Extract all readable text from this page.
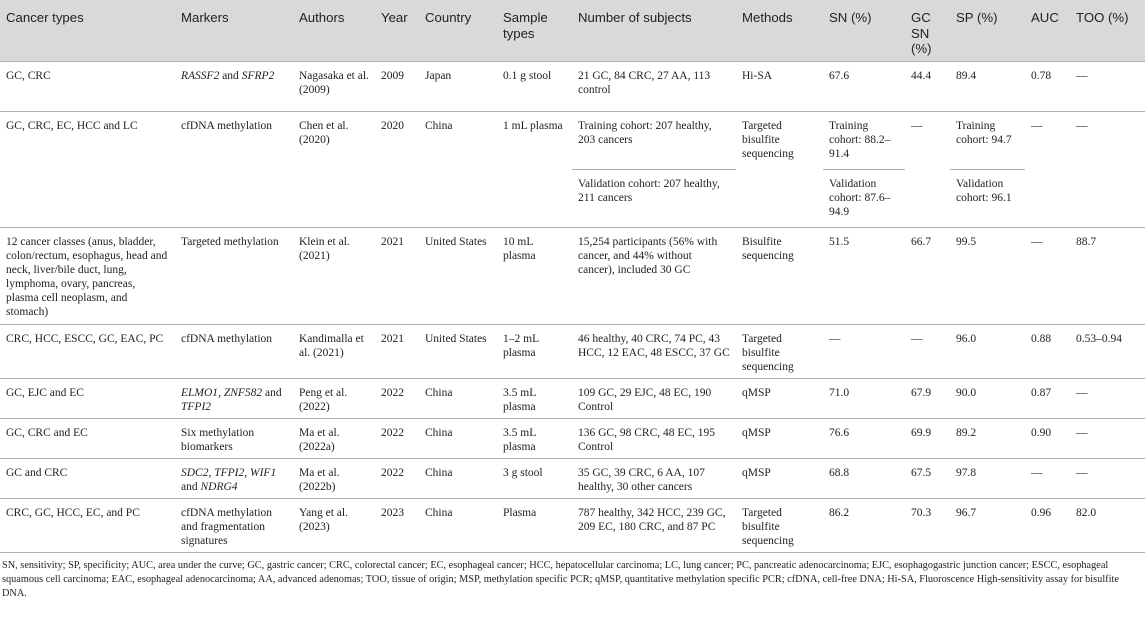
Cancer types	Markers	Authors	Year	Country	Sample types	Number of subjects	Methods	SN (%)	GC SN (%)	SP (%)	AUC	TOO (%)
GC, CRC	RASSF2 and SFRP2	Nagasaka et al. (2009)	2009	Japan	0.1 g stool	21 GC, 84 CRC, 27 AA, 113 control	Hi-SA	67.6	44.4	89.4	0.78	—
GC, CRC, EC, HCC and LC	cfDNA methylation	Chen et al. (2020)	2020	China	1 mL plasma	Training cohort: 207 healthy, 203 cancers	Targeted bisulfite sequencing	Training cohort: 88.2–91.4	—	Training cohort: 94.7	—	—
						Validation cohort: 207 healthy, 211 cancers		Validation cohort: 87.6–94.9		Validation cohort: 96.1		
12 cancer classes (anus, bladder, colon/rectum, esophagus, head and neck, liver/bile duct, lung, lymphoma, ovary, pancreas, plasma cell neoplasm, and stomach)	Targeted methylation	Klein et al. (2021)	2021	United States	10 mL plasma	15,254 participants (56% with cancer, and 44% without cancer), included 30 GC	Bisulfite sequencing	51.5	66.7	99.5	—	88.7
CRC, HCC, ESCC, GC, EAC, PC	cfDNA methylation	Kandimalla et al. (2021)	2021	United States	1–2 mL plasma	46 healthy, 40 CRC, 74 PC, 43 HCC, 12 EAC, 48 ESCC, 37 GC	Targeted bisulfite sequencing	—	—	96.0	0.88	0.53–0.94
GC, EJC and EC	ELMO1, ZNF582 and TFPI2	Peng et al. (2022)	2022	China	3.5 mL plasma	109 GC, 29 EJC, 48 EC, 190 Control	qMSP	71.0	67.9	90.0	0.87	—
GC, CRC and EC	Six methylation biomarkers	Ma et al. (2022a)	2022	China	3.5 mL plasma	136 GC, 98 CRC, 48 EC, 195 Control	qMSP	76.6	69.9	89.2	0.90	—
GC and CRC	SDC2, TFPI2, WIF1 and NDRG4	Ma et al. (2022b)	2022	China	3 g stool	35 GC, 39 CRC, 6 AA, 107 healthy, 30 other cancers	qMSP	68.8	67.5	97.8	—	—
CRC, GC, HCC, EC, and PC	cfDNA methylation and fragmentation signatures	Yang et al. (2023)	2023	China	Plasma	787 healthy, 342 HCC, 239 GC, 209 EC, 180 CRC, and 87 PC	Targeted bisulfite sequencing	86.2	70.3	96.7	0.96	82.0
SN, sensitivity; SP, specificity; AUC, area under the curve; GC, gastric cancer; CRC, colorectal cancer; EC, esophageal cancer; HCC, hepatocellular carcinoma; LC, lung cancer; PC, pancreatic adenocarcinoma; EJC, esophagogastric junction cancer; ESCC, esophageal squamous cell carcinoma; EAC, esophageal adenocarcinoma; AA, advanced adenomas; TOO, tissue of origin; MSP, methylation specific PCR; qMSP, quantitative methylation specific PCR; cfDNA, cell-free DNA; Hi-SA, Fluoroscence High-sensitivity assay for bisulfite DNA.
